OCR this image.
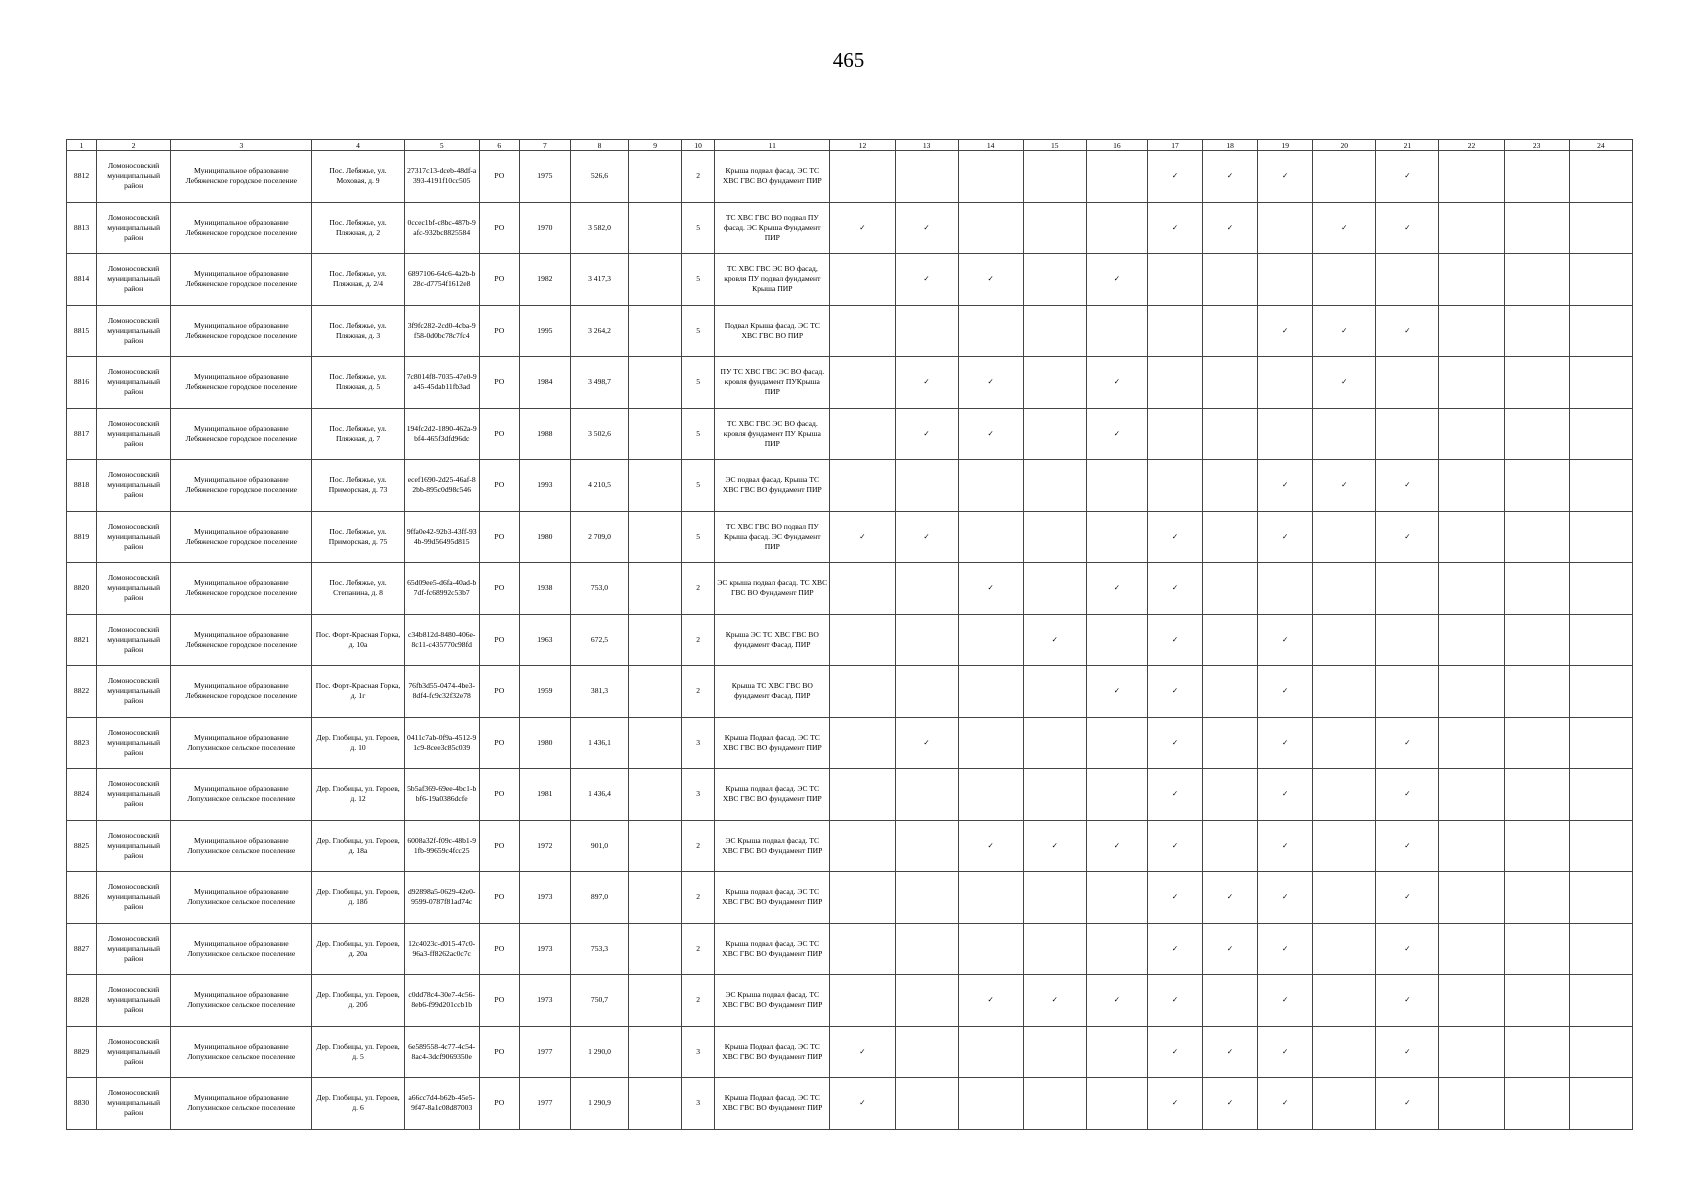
465
1	2	3	4	5	6	7	8	9	10	11	12	13	14	15	16	17	18	19	20	21	22	23	24
8812	Ломоносовский муниципальный район	Муниципальное образование Лебяженское городское поселение	Пос. Лебяжье, ул. Моховая, д. 9	27317c13-dceb-48df-a393-4191f10cc505	РО	1975	526,6		2	Крыша подвал фасад. ЭС ТС ХВС ГВС ВО фундамент ПИР						✓	✓	✓		✓			
8813	Ломоносовский муниципальный район	Муниципальное образование Лебяженское городское поселение	Пос. Лебяжье, ул. Пляжная, д. 2	0ccec1bf-c8bc-487b-9afc-932bc8825584	РО	1970	3 582,0		5	ТС ХВС ГВС ВО подвал ПУ фасад. ЭС Крыша Фундамент ПИР	✓	✓				✓	✓		✓	✓			
8814	Ломоносовский муниципальный район	Муниципальное образование Лебяженское городское поселение	Пос. Лебяжье, ул. Пляжная, д. 2/4	6897106-64c6-4a2b-b28c-d7754f1612e8	РО	1982	3 417,3		5	ТС ХВС ГВС ЭС ВО фасад, кровля ПУ подвал фундамент Крыша ПИР		✓	✓		✓								
8815	Ломоносовский муниципальный район	Муниципальное образование Лебяженское городское поселение	Пос. Лебяжье, ул. Пляжная, д. 3	3f9fc282-2cd0-4cba-9f58-0d0bc78c7fc4	РО	1995	3 264,2		5	Подвал Крыша фасад. ЭС ТС ХВС ГВС ВО ПИР								✓	✓	✓			
8816	Ломоносовский муниципальный район	Муниципальное образование Лебяженское городское поселение	Пос. Лебяжье, ул. Пляжная, д. 5	7c8014f8-7035-47e0-9a45-45dab11fb3ad	РО	1984	3 498,7		5	ПУ ТС ХВС ГВС ЭС ВО фасад. кровля фундамент ПУКрыша ПИР		✓	✓		✓				✓				
8817	Ломоносовский муниципальный район	Муниципальное образование Лебяженское городское поселение	Пос. Лебяжье, ул. Пляжная, д. 7	194fc2d2-1890-462a-9bf4-465f3dfd96dc	РО	1988	3 502,6		5	ТС ХВС ГВС ЭС ВО фасад. кровля фундамент ПУ Крыша ПИР		✓	✓		✓								
8818	Ломоносовский муниципальный район	Муниципальное образование Лебяженское городское поселение	Пос. Лебяжье, ул. Приморская, д. 73	ecef1690-2d25-46af-82bb-895c0d98c546	РО	1993	4 210,5		5	ЭС подвал фасад. Крыша ТС ХВС ГВС ВО фундамент ПИР								✓	✓	✓			
8819	Ломоносовский муниципальный район	Муниципальное образование Лебяженское городское поселение	Пос. Лебяжье, ул. Приморская, д. 75	9ffa0e42-92b3-43ff-934b-99d56495d815	РО	1980	2 709,0		5	ТС ХВС ГВС ВО подвал ПУ Крыша фасад. ЭС Фундамент ПИР	✓	✓				✓		✓		✓			
8820	Ломоносовский муниципальный район	Муниципальное образование Лебяженское городское поселение	Пос. Лебяжье, ул. Степанина, д. 8	65d09ee5-d6fa-40ad-b7df-fc68992c53b7	РО	1938	753,0		2	ЭС крыша подвал фасад. ТС ХВС ГВС ВО Фундамент ПИР			✓		✓	✓							
8821	Ломоносовский муниципальный район	Муниципальное образование Лебяженское городское поселение	Пос. Форт-Красная Горка, д. 10а	c34b812d-8480-406e-8c11-c435770c98fd	РО	1963	672,5		2	Крыша ЭС ТС ХВС ГВС ВО фундамент Фасад. ПИР				✓		✓		✓					
8822	Ломоносовский муниципальный район	Муниципальное образование Лебяженское городское поселение	Пос. Форт-Красная Горка, д. 1г	76fb3d55-0474-4be3-8df4-fc9c32f32e78	РО	1959	381,3		2	Крыша ТС ХВС ГВС ВО фундамент Фасад. ПИР					✓	✓		✓					
8823	Ломоносовский муниципальный район	Муниципальное образование Лопухинское сельское поселение	Дер. Глобицы, ул. Героев, д. 10	0411c7ab-0f9a-4512-91c9-8cee3c85c039	РО	1980	1 436,1		3	Крыша Подвал фасад. ЭС ТС ХВС ГВС ВО фундамент ПИР		✓				✓		✓		✓			
8824	Ломоносовский муниципальный район	Муниципальное образование Лопухинское сельское поселение	Дер. Глобицы, ул. Героев, д. 12	5b5af369-69ee-4bc1-bbf6-19a0386dcfe	РО	1981	1 436,4		3	Крыша подвал фасад. ЭС ТС ХВС ГВС ВО фундамент ПИР						✓		✓		✓			
8825	Ломоносовский муниципальный район	Муниципальное образование Лопухинское сельское поселение	Дер. Глобицы, ул. Героев, д. 18а	6008a32f-f09c-48b1-91fb-99659c4fcc25	РО	1972	901,0		2	ЭС Крыша подвал фасад. ТС ХВС ГВС ВО Фундамент ПИР			✓	✓	✓	✓		✓		✓			
8826	Ломоносовский муниципальный район	Муниципальное образование Лопухинское сельское поселение	Дер. Глобицы, ул. Героев, д. 18б	d92898a5-0629-42e0-9599-0787f81ad74c	РО	1973	897,0		2	Крыша подвал фасад. ЭС ТС ХВС ГВС ВО Фундамент ПИР						✓	✓	✓		✓			
8827	Ломоносовский муниципальный район	Муниципальное образование Лопухинское сельское поселение	Дер. Глобицы, ул. Героев, д. 20а	12c4023c-d015-47c0-96a3-ff8262ac0c7c	РО	1973	753,3		2	Крыша подвал фасад. ЭС ТС ХВС ГВС ВО Фундамент ПИР						✓	✓	✓		✓			
8828	Ломоносовский муниципальный район	Муниципальное образование Лопухинское сельское поселение	Дер. Глобицы, ул. Героев, д. 20б	c0dd78c4-30e7-4c56-8eb6-f99d201ccb1b	РО	1973	750,7		2	ЭС Крыша подвал фасад. ТС ХВС ГВС ВО Фундамент ПИР			✓	✓	✓	✓		✓		✓			
8829	Ломоносовский муниципальный район	Муниципальное образование Лопухинское сельское поселение	Дер. Глобицы, ул. Героев, д. 5	6e589558-4c77-4c54-8ac4-3dcf9069350e	РО	1977	1 290,0		3	Крыша Подвал фасад. ЭС ТС ХВС ГВС ВО Фундамент ПИР	✓					✓	✓	✓		✓			
8830	Ломоносовский муниципальный район	Муниципальное образование Лопухинское сельское поселение	Дер. Глобицы, ул. Героев, д. 6	a66cc7d4-b62b-45e5-9f47-8a1c08d87003	РО	1977	1 290,9		3	Крыша Подвал фасад. ЭС ТС ХВС ГВС ВО Фундамент ПИР	✓					✓	✓	✓		✓			
